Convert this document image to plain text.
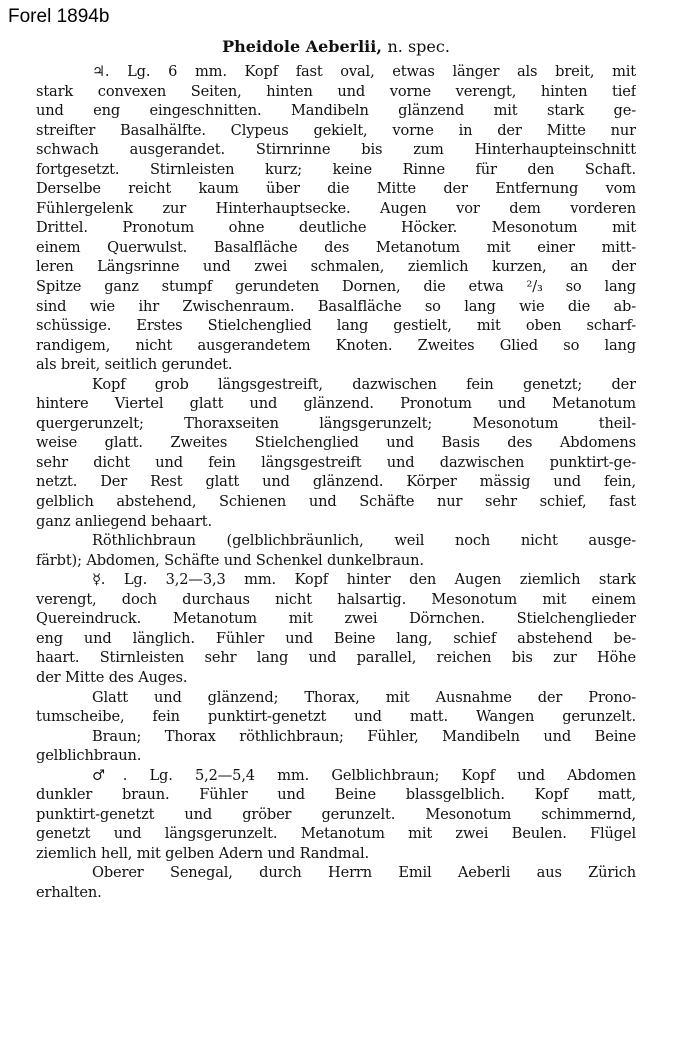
Forel 1894b
Pheidole Aeberlii, n. spec.
♃. Lg. 6 mm. Kopf fast oval, etwas länger als breit, mit
stark convexen Seiten, hinten und vorne verengt, hinten tief
und eng eingeschnitten. Mandibeln glänzend mit stark ge-
streifter Basalhälfte. Clypeus gekielt, vorne in der Mitte nur
schwach ausgerandet. Stirnrinne bis zum Hinterhaupteinschnitt
fortgesetzt. Stirnleisten kurz; keine Rinne für den Schaft.
Derselbe reicht kaum über die Mitte der Entfernung vom
Fühlergelenk zur Hinterhauptsecke. Augen vor dem vorderen
Drittel. Pronotum ohne deutliche Höcker. Mesonotum mit
einem Querwulst. Basalfläche des Metanotum mit einer mitt-
leren Längsrinne und zwei schmalen, ziemlich kurzen, an der
Spitze ganz stumpf gerundeten Dornen, die etwa ²/₃ so lang
sind wie ihr Zwischenraum. Basalfläche so lang wie die ab-
schüssige. Erstes Stielchenglied lang gestielt, mit oben scharf-
randigem, nicht ausgerandetem Knoten. Zweites Glied so lang
als breit, seitlich gerundet.
Kopf grob längsgestreift, dazwischen fein genetzt; der
hintere Viertel glatt und glänzend. Pronotum und Metanotum
quergerunzelt; Thoraxseiten längsgerunzelt; Mesonotum theil-
weise glatt. Zweites Stielchenglied und Basis des Abdomens
sehr dicht und fein längsgestreift und dazwischen punktirt-ge-
netzt. Der Rest glatt und glänzend. Körper mässig und fein,
gelblich abstehend, Schienen und Schäfte nur sehr schief, fast
ganz anliegend behaart.
Röthlichbraun (gelblichbräunlich, weil noch nicht ausge-
färbt); Abdomen, Schäfte und Schenkel dunkelbraun.
☿. Lg. 3,2—3,3 mm. Kopf hinter den Augen ziemlich stark
verengt, doch durchaus nicht halsartig. Mesonotum mit einem
Quereindruck. Metanotum mit zwei Dörnchen. Stielchenglieder
eng und länglich. Fühler und Beine lang, schief abstehend be-
haart. Stirnleisten sehr lang und parallel, reichen bis zur Höhe
der Mitte des Auges.
Glatt und glänzend; Thorax, mit Ausnahme der Prono-
tumscheibe, fein punktirt-genetzt und matt. Wangen gerunzelt.
Braun; Thorax röthlichbraun; Fühler, Mandibeln und Beine
gelblichbraun.
♂. Lg. 5,2—5,4 mm. Gelblichbraun; Kopf und Abdomen
dunkler braun. Fühler und Beine blassgelblich. Kopf matt,
punktirt-genetzt und gröber gerunzelt. Mesonotum schimmernd,
genetzt und längsgerunzelt. Metanotum mit zwei Beulen. Flügel
ziemlich hell, mit gelben Adern und Randmal.
Oberer Senegal, durch Herrn Emil Aeberli aus Zürich
erhalten.
